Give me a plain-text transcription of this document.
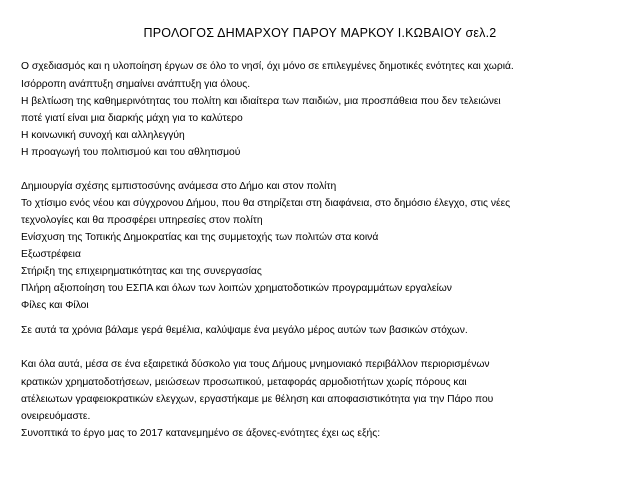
ΠΡΟΛΟΓΟΣ ΔΗΜΑΡΧΟΥ ΠΑΡΟΥ ΜΑΡΚΟΥ Ι.ΚΩΒΑΙΟΥ σελ.2
Ο σχεδιασμός και η υλοποίηση έργων σε όλο το νησί, όχι μόνο σε επιλεγμένες δημοτικές ενότητες και χωριά.
Ισόρροπη ανάπτυξη σημαίνει ανάπτυξη για όλους.
Η βελτίωση της καθημερινότητας του πολίτη και ιδιαίτερα των παιδιών, μια προσπάθεια που δεν τελειώνει
ποτέ γιατί είναι μια διαρκής μάχη για το καλύτερο
Η κοινωνική συνοχή και αλληλεγγύη
Η προαγωγή του πολιτισμού και του αθλητισμού
Δημιουργία σχέσης εμπιστοσύνης ανάμεσα στο Δήμο και στον πολίτη
Το χτίσιμο ενός νέου και σύγχρονου Δήμου, που θα στηρίζεται στη διαφάνεια, στο δημόσιο έλεγχο, στις νέες
τεχνολογίες και θα προσφέρει υπηρεσίες στον πολίτη
Ενίσχυση της Τοπικής Δημοκρατίας και της συμμετοχής των πολιτών στα κοινά
Εξωστρέφεια
Στήριξη της επιχειρηματικότητας και της συνεργασίας
Πλήρη αξιοποίηση του ΕΣΠΑ και όλων των λοιπών χρηματοδοτικών προγραμμάτων εργαλείων
Φίλες και Φίλοι
Σε αυτά τα χρόνια βάλαμε γερά θεμέλια, καλύψαμε ένα μεγάλο μέρος αυτών των βασικών στόχων.
Και όλα αυτά, μέσα σε ένα εξαιρετικά δύσκολο για τους Δήμους μνημονιακό περιβάλλον περιορισμένων
κρατικών χρηματοδοτήσεων, μειώσεων προσωπικού, μεταφοράς αρμοδιοτήτων χωρίς πόρους και
ατέλειωτων γραφειοκρατικών ελεγχων, εργαστήκαμε με θέληση και αποφασιστικότητα για την Πάρο που
ονειρευόμαστε.
Συνοπτικά το έργο μας το 2017 κατανεμημένο σε άξονες-ενότητες έχει ως εξής:
